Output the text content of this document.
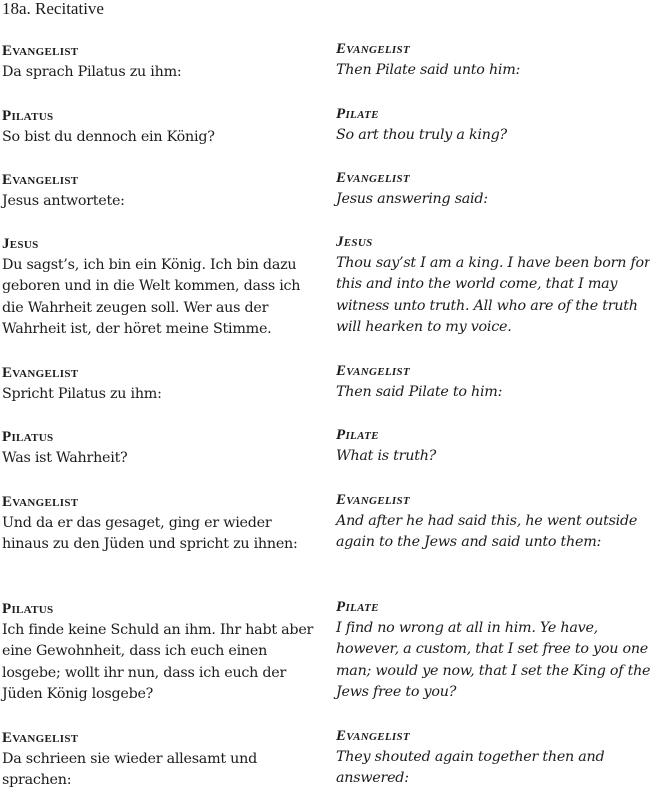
18a. Recitative
Evangelist
Da sprach Pilatus zu ihm:
Pilatus
So bist du dennoch ein König?
Evangelist
Jesus antwortete:
Jesus
Du sagst’s, ich bin ein König. Ich bin dazu geboren und in die Welt kommen, dass ich die Wahrheit zeugen soll. Wer aus der Wahrheit ist, der höret meine Stimme.
Evangelist
Spricht Pilatus zu ihm:
Pilatus
Was ist Wahrheit?
Evangelist
Und da er das gesaget, ging er wieder hinaus zu den Jüden und spricht zu ihnen:
Pilatus
Ich finde keine Schuld an ihm. Ihr habt aber eine Gewohnheit, dass ich euch einen losgebe; wollt ihr nun, dass ich euch der Jüden König losgebe?
Evangelist
Da schrieen sie wieder allesamt und sprachen:
Evangelist
Then Pilate said unto him:
Pilate
So art thou truly a king?
Evangelist
Jesus answering said:
Jesus
Thou say’st I am a king. I have been born for this and into the world come, that I may witness unto truth. All who are of the truth will hearken to my voice.
Evangelist
Then said Pilate to him:
Pilate
What is truth?
Evangelist
And after he had said this, he went outside again to the Jews and said unto them:
Pilate
I find no wrong at all in him. Ye have, however, a custom, that I set free to you one man; would ye now, that I set the King of the Jews free to you?
Evangelist
They shouted again together then and answered:
